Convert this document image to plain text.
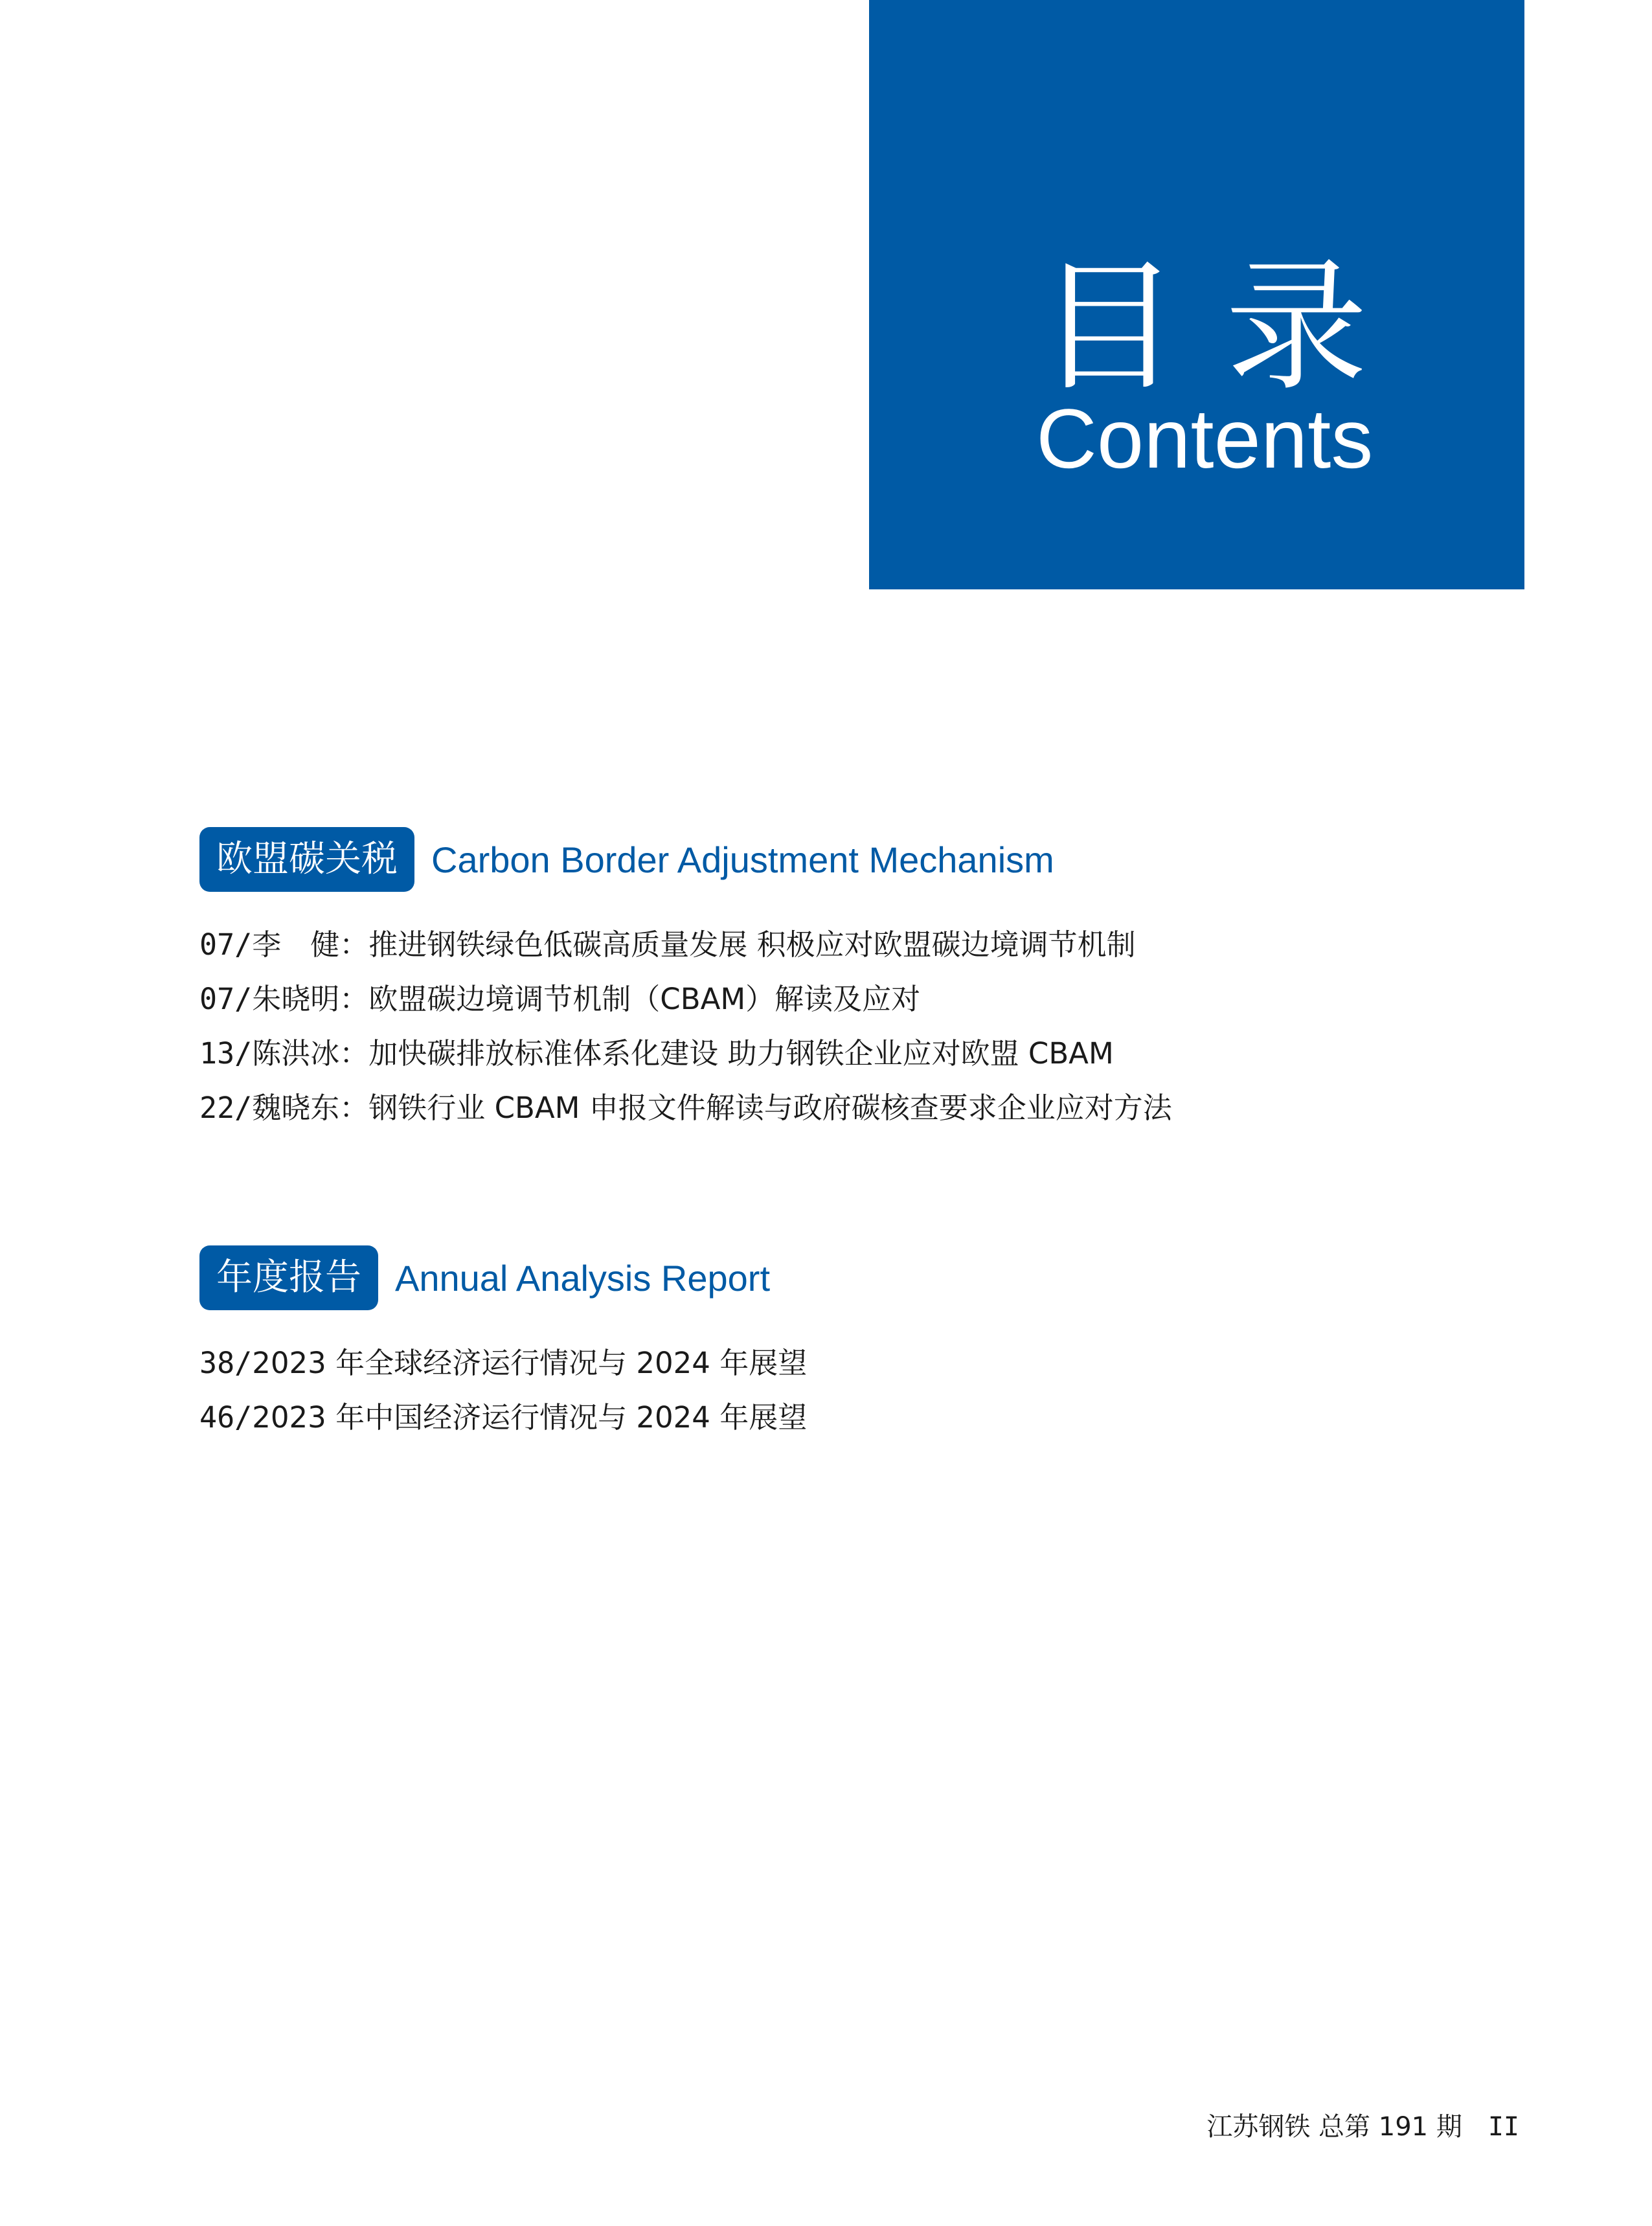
目录
Contents
欧盟碳关税 Carbon Border Adjustment Mechanism
07/李　健：推进钢铁绿色低碳高质量发展 积极应对欧盟碳边境调节机制
07/朱晓明：欧盟碳边境调节机制（CBAM）解读及应对
13/陈洪冰：加快碳排放标准体系化建设 助力钢铁企业应对欧盟 CBAM
22/魏晓东：钢铁行业 CBAM 申报文件解读与政府碳核查要求企业应对方法
年度报告 Annual Analysis Report
38/2023 年全球经济运行情况与 2024 年展望
46/2023 年中国经济运行情况与 2024 年展望
江苏钢铁 总第 191 期 II
